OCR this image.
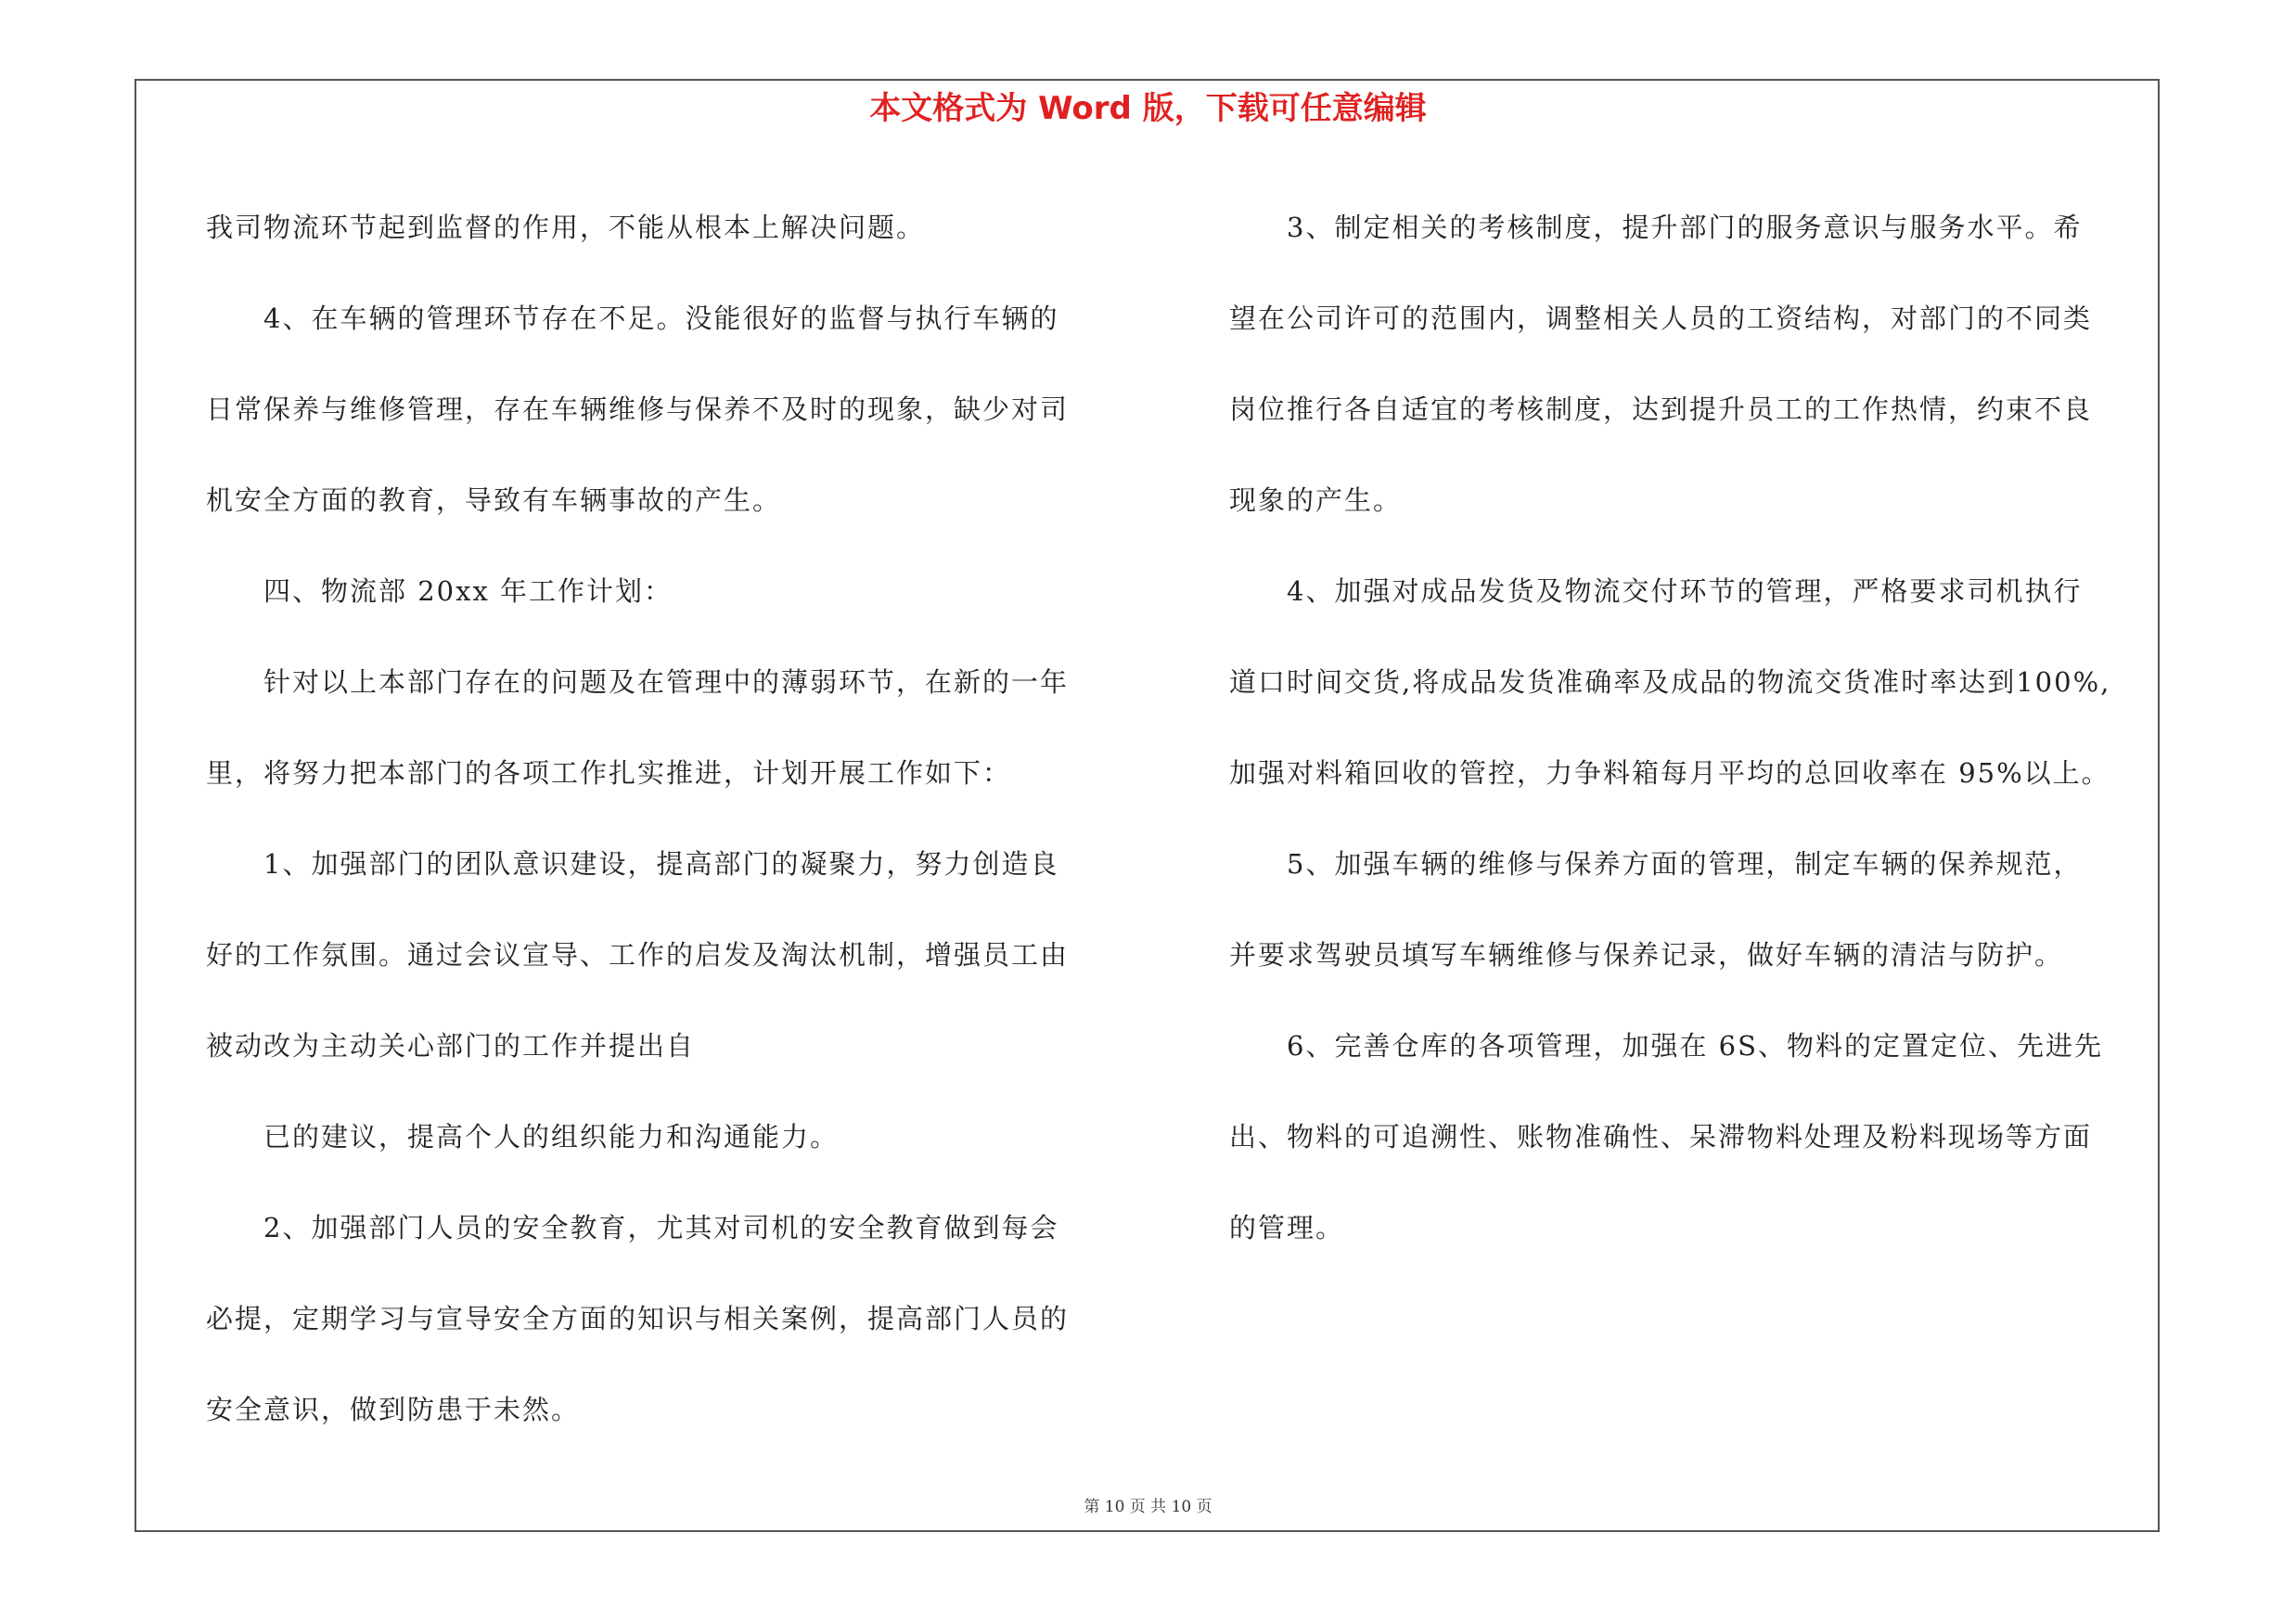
本文格式为 Word 版，下载可任意编辑
我司物流环节起到监督的作用，不能从根本上解决问题。
　　4、在车辆的管理环节存在不足。没能很好的监督与执行车辆的
日常保养与维修管理，存在车辆维修与保养不及时的现象，缺少对司
机安全方面的教育，导致有车辆事故的产生。
　　四、物流部 20xx 年工作计划：
　　针对以上本部门存在的问题及在管理中的薄弱环节，在新的一年
里，将努力把本部门的各项工作扎实推进，计划开展工作如下：
　　1、加强部门的团队意识建设，提高部门的凝聚力，努力创造良
好的工作氛围。通过会议宣导、工作的启发及淘汰机制，增强员工由
被动改为主动关心部门的工作并提出自
　　已的建议，提高个人的组织能力和沟通能力。
　　2、加强部门人员的安全教育，尤其对司机的安全教育做到每会
必提，定期学习与宣导安全方面的知识与相关案例，提高部门人员的
安全意识，做到防患于未然。
　　3、制定相关的考核制度，提升部门的服务意识与服务水平。希
望在公司许可的范围内，调整相关人员的工资结构，对部门的不同类
岗位推行各自适宜的考核制度，达到提升员工的工作热情，约束不良
现象的产生。
　　4、加强对成品发货及物流交付环节的管理，严格要求司机执行
道口时间交货,将成品发货准确率及成品的物流交货准时率达到100%,
加强对料箱回收的管控，力争料箱每月平均的总回收率在 95%以上。
　　5、加强车辆的维修与保养方面的管理，制定车辆的保养规范，
并要求驾驶员填写车辆维修与保养记录，做好车辆的清洁与防护。
　　6、完善仓库的各项管理，加强在 6S、物料的定置定位、先进先
出、物料的可追溯性、账物准确性、呆滞物料处理及粉料现场等方面
的管理。
第 10 页 共 10 页
